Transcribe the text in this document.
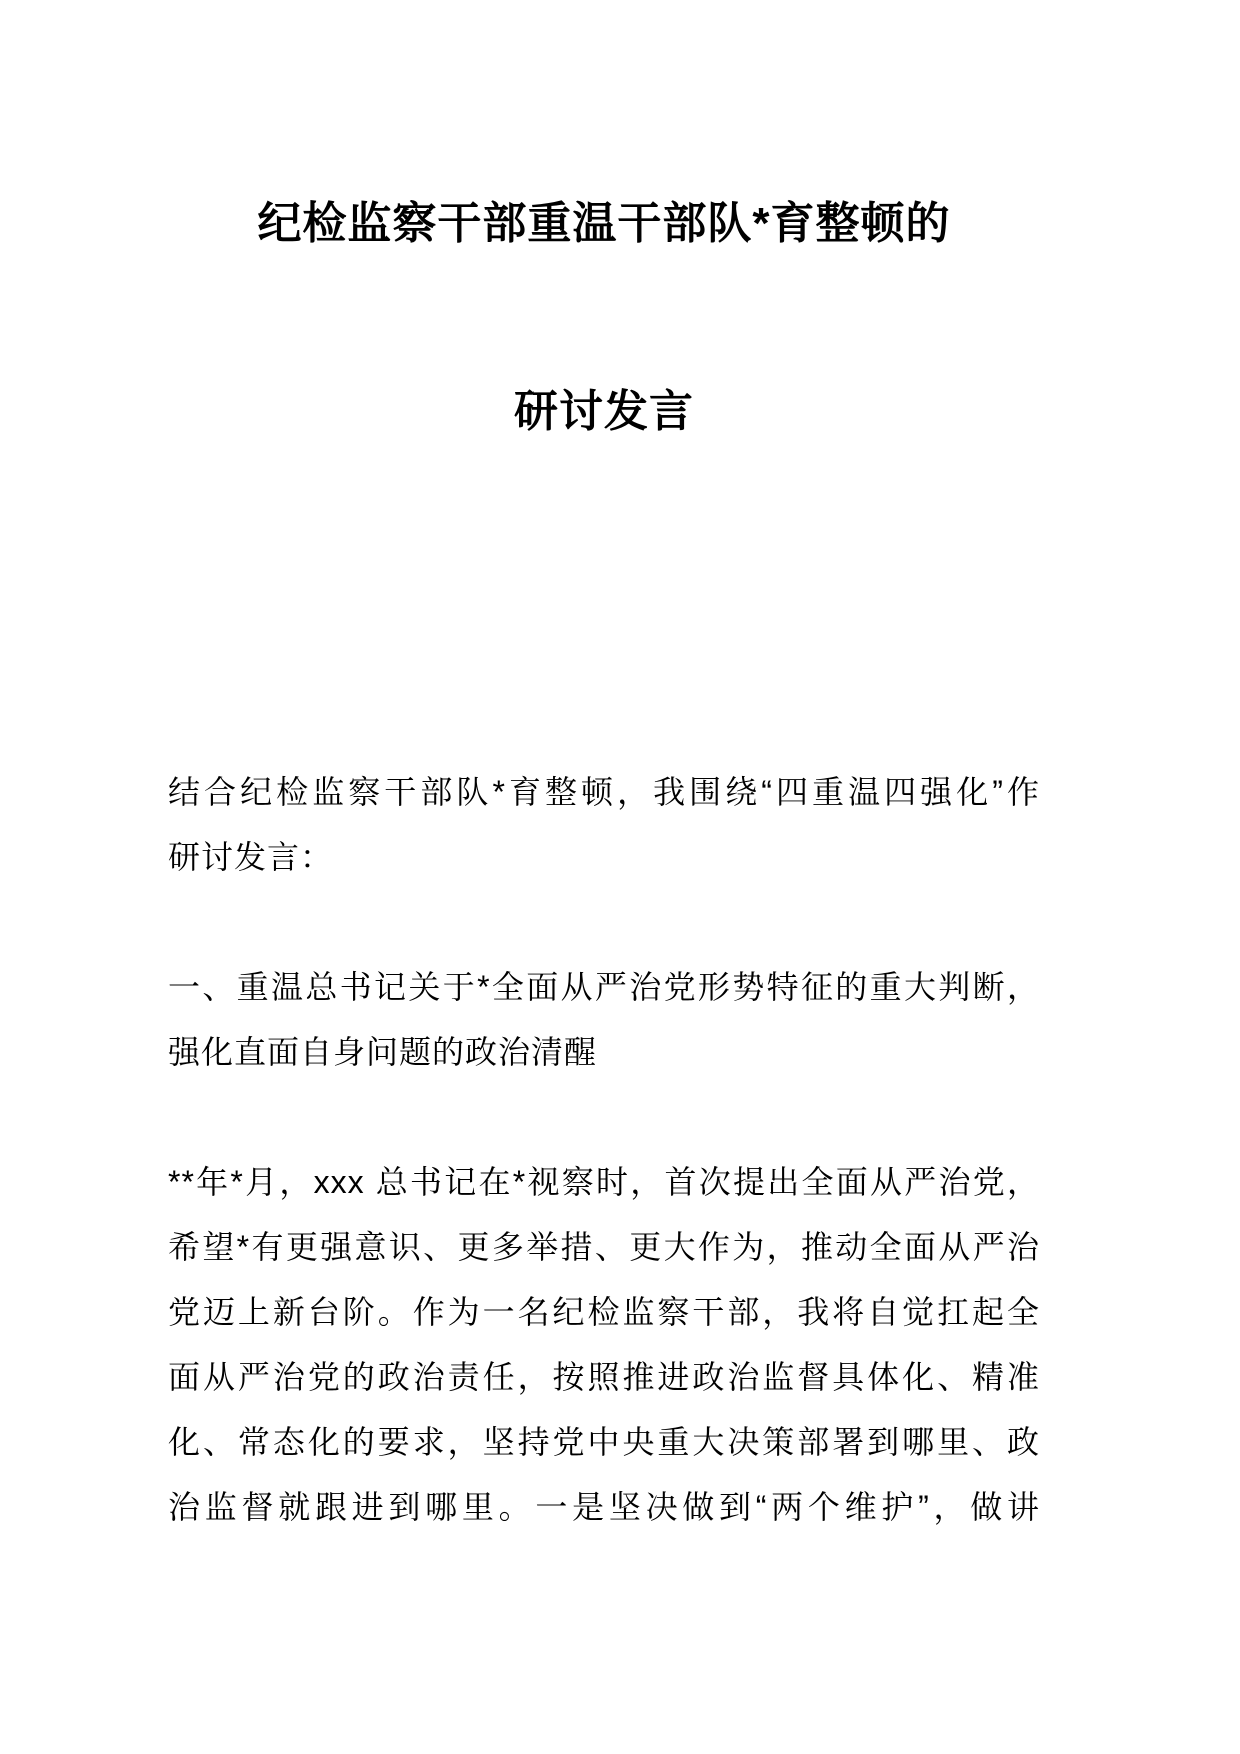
纪检监察干部重温干部队*育整顿的
研讨发言
结合纪检监察干部队*育整顿，我围绕“四重温四强化”作
研讨发言：
一、重温总书记关于*全面从严治党形势特征的重大判断，
强化直面自身问题的政治清醒
**年*月，xxx 总书记在*视察时，首次提出全面从严治党，
希望*有更强意识、更多举措、更大作为，推动全面从严治
党迈上新台阶。作为一名纪检监察干部，我将自觉扛起全
面从严治党的政治责任，按照推进政治监督具体化、精准
化、常态化的要求，坚持党中央重大决策部署到哪里、政
治监督就跟进到哪里。一是坚决做到“两个维护”，做讲
